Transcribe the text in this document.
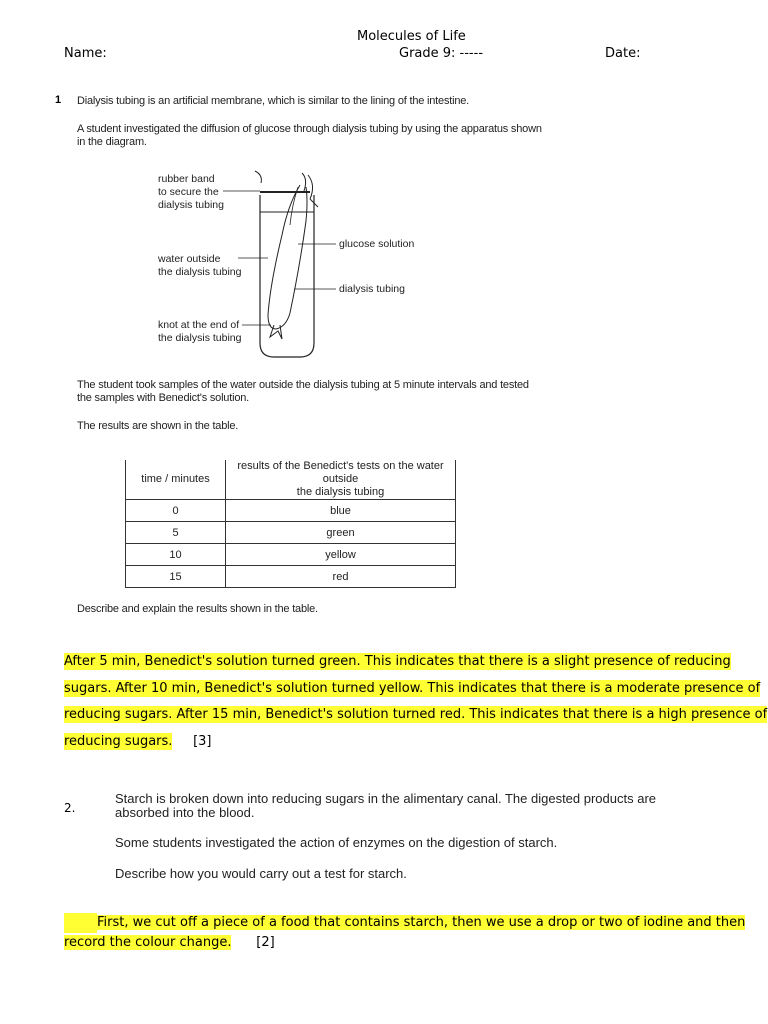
Molecules of Life
Name:	Grade 9: -----	Date:
1 Dialysis tubing is an artificial membrane, which is similar to the lining of the intestine.
A student investigated the diffusion of glucose through dialysis tubing by using the apparatus shown
in the diagram.
rubber band
to secure the
dialysis tubing
water outside
the dialysis tubing
knot at the end of
the dialysis tubing
glucose solution
dialysis tubing
The student took samples of the water outside the dialysis tubing at 5 minute intervals and tested
the samples with Benedict's solution.
The results are shown in the table.
time / minutes	results of the Benedict's tests on the water outside
the dialysis tubing

0	blue
5	green
10	yellow
15	red
Describe and explain the results shown in the table.
After 5 min, Benedict's solution turned green. This indicates that there is a slight presence of reducing
sugars. After 10 min, Benedict's solution turned yellow. This indicates that there is a moderate presence of
reducing sugars. After 15 min, Benedict's solution turned red. This indicates that there is a high presence of
reducing sugars. [3]
2.
Starch is broken down into reducing sugars in the alimentary canal. The digested products are
absorbed into the blood.
Some students investigated the action of enzymes on the digestion of starch.
Describe how you would carry out a test for starch.
First, we cut off a piece of a food that contains starch, then we use a drop or two of iodine and then
record the colour change. [2]
